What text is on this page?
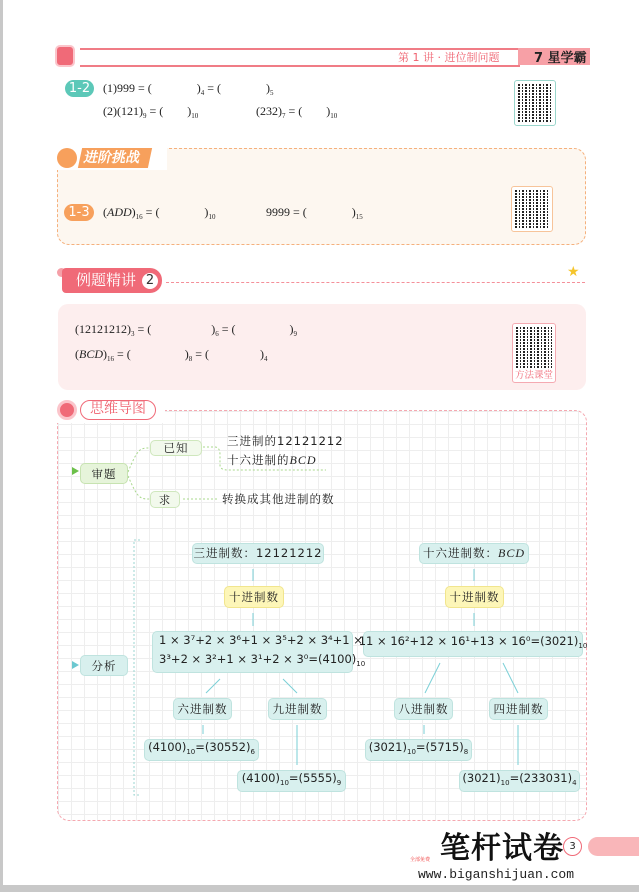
第 1 讲 · 进位制问题	7 星学霸
1-2	(1)999 = (               )$_4$ = (               )$_5$
$(2)(121)_9$ = (        )$_{10}$	$(232)_7$ = (        )$_{10}$
进阶挑战
1-3	$(ADD)_{16}$ = (               )$_{10}$	9999 = (               )$_{15}$
例题精讲 2
★
$(12121212)_3$ = (                    )$_6$ = (                  )$_9$
$(BCD)_{16}$ = (                  )$_8$ = (                 )$_4$
方法课堂
思维导图
审题
已知
求
三进制的12121212
十六进制的BCD
转换成其他进制的数
分析
三进制数：12121212
十进制数
1 × 3⁷+2 × 3⁶+1 × 3⁵+2 × 3⁴+1 ×
$3^3+2 \times 3^2+1 \times 3^1+2 \times 3^0=(4100)_{10}$
六进制数	九进制数
$(4100)_{10}=(30552)_6$
$(4100)_{10}=(5555)_9$
十六进制数： BCD
十进制数
$11 \times 16^2+12 \times 16^1+13 \times 16^0=(3021)_{10}$
八进制数	四进制数
$(3021)_{10}=(5715)_8$
$(3021)_{10}=(233031)_4$
笔杆试卷
全部免费
www.biganshijuan.com
3
